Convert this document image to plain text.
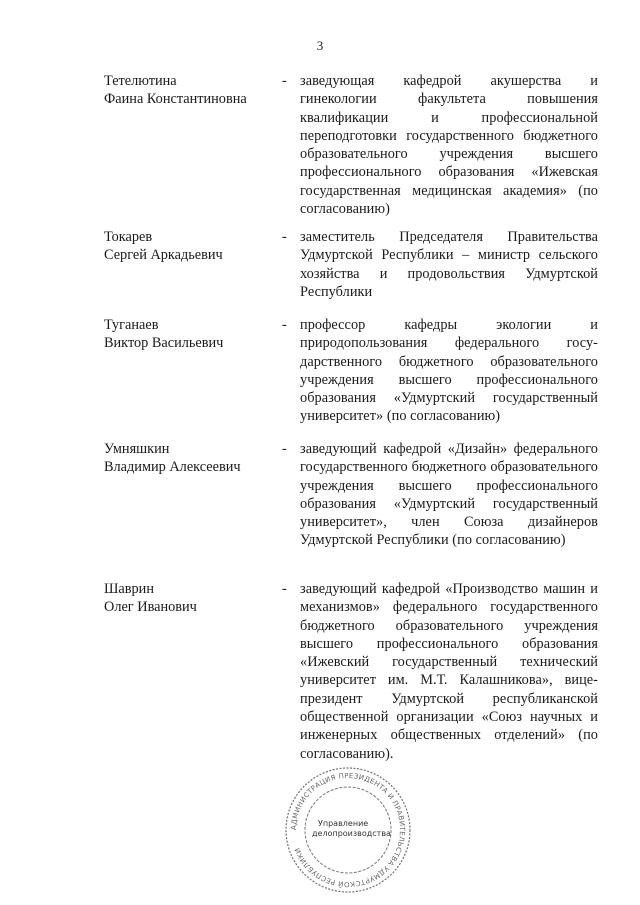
3
Тетелютина
Фаина Константиновна
- заведующая кафедрой акушерства и гинекологии факультета повышения квалификации и профессиональной переподготовки государственного бюджетного образовательного учреждения высшего профессионального образования «Ижевская государственная медицинская академия» (по согласованию)
Токарев
Сергей Аркадьевич
- заместитель Председателя Правительства Удмуртской Республики – министр сельского хозяйства и продовольствия Удмуртской Республики
Туганаев
Виктор Васильевич
- профессор кафедры экологии и природопользования федерального госу-дарственного бюджетного образовательного учреждения высшего профессионального образования «Удмуртский государственный университет» (по согласованию)
Умняшкин
Владимир Алексеевич
- заведующий кафедрой «Дизайн» федерального государственного бюджетного образовательного учреждения высшего профессионального образования «Удмуртский государственный университет», член Союза дизайнеров Удмуртской Республики (по согласованию)
Шаврин
Олег Иванович
- заведующий кафедрой «Производство машин и механизмов» федерального государственного бюджетного образовательного учреждения высшего профессионального образования «Ижевский государственный технический университет им. М.Т. Калашникова», вице-президент Удмуртской республиканской общественной организации «Союз научных и инженерных общественных отделений» (по согласованию).
АДМИНИСТРАЦИЯ ПРЕЗИДЕНТА И ПРАВИТЕЛЬСТВА УДМУРТСКОЙ РЕСПУБЛИКИ
Управление
делопроизводства
